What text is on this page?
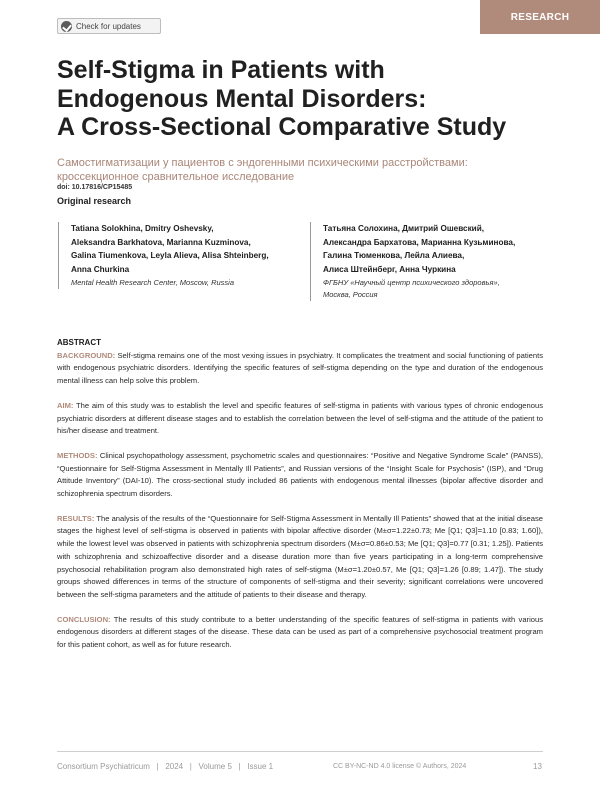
Check for updates
RESEARCH
Self-Stigma in Patients with
Endogenous Mental Disorders:
A Cross-Sectional Comparative Study
Самостигматизации у пациентов с эндогенными психическими расстройствами:
кроссекционное сравнительное исследование
doi: 10.17816/CP15485
Original research
Tatiana Solokhina, Dmitry Oshevsky,
Aleksandra Barkhatova, Marianna Kuzminova,
Galina Tiumenkova, Leyla Alieva, Alisa Shteinberg,
Anna Churkina
Mental Health Research Center, Moscow, Russia
Татьяна Солохина, Дмитрий Ошевский,
Александра Бархатова, Марианна Кузьминова,
Галина Тюменкова, Лейла Алиева,
Алиса Штейнберг, Анна Чуркина
ФГБНУ «Научный центр психического здоровья»,
Москва, Россия
ABSTRACT

BACKGROUND: Self-stigma remains one of the most vexing issues in psychiatry. It complicates the treatment and social functioning of patients with endogenous psychiatric disorders. Identifying the specific features of self-stigma depending on the type and duration of the endogenous mental illness can help solve this problem.

AIM: The aim of this study was to establish the level and specific features of self-stigma in patients with various types of chronic endogenous psychiatric disorders at different disease stages and to establish the correlation between the level of self-stigma and the attitude of the patient to his/her disease and treatment.

METHODS: Clinical psychopathology assessment, psychometric scales and questionnaires: “Positive and Negative Syndrome Scale” (PANSS), “Questionnaire for Self-Stigma Assessment in Mentally Ill Patients”, and Russian versions of the “Insight Scale for Psychosis” (ISP), and “Drug Attitude Inventory” (DAI-10). The cross-sectional study included 86 patients with endogenous mental illnesses (bipolar affective disorder and schizophrenia spectrum disorders.

RESULTS: The analysis of the results of the “Questionnaire for Self-Stigma Assessment in Mentally Ill Patients” showed that at the initial disease stages the highest level of self-stigma is observed in patients with bipolar affective disorder (M±σ=1.22±0.73; Me [Q1; Q3]=1.10 [0.83; 1.60]), while the lowest level was observed in patients with schizophrenia spectrum disorders (M±σ=0.86±0.53; Me [Q1; Q3]=0.77 [0.31; 1.25]). Patients with schizophrenia and schizoaffective disorder and a disease duration more than five years participating in a long-term comprehensive psychosocial rehabilitation program also demonstrated high rates of self-stigma (M±σ=1.20±0.57, Me [Q1; Q3]=1.26 [0.89; 1.47]). The study groups showed differences in terms of the structure of components of self-stigma and their severity; significant correlations were uncovered between the self-stigma parameters and the attitude of patients to their disease and therapy.

CONCLUSION: The results of this study contribute to a better understanding of the specific features of self-stigma in patients with various endogenous disorders at different stages of the disease. These data can be used as part of a comprehensive psychosocial treatment program for this patient cohort, as well as for future research.

Consortium Psychiatricum   |   2024   |   Volume 5   |   Issue 1	CC BY-NC-ND 4.0 license © Authors, 2024	13
